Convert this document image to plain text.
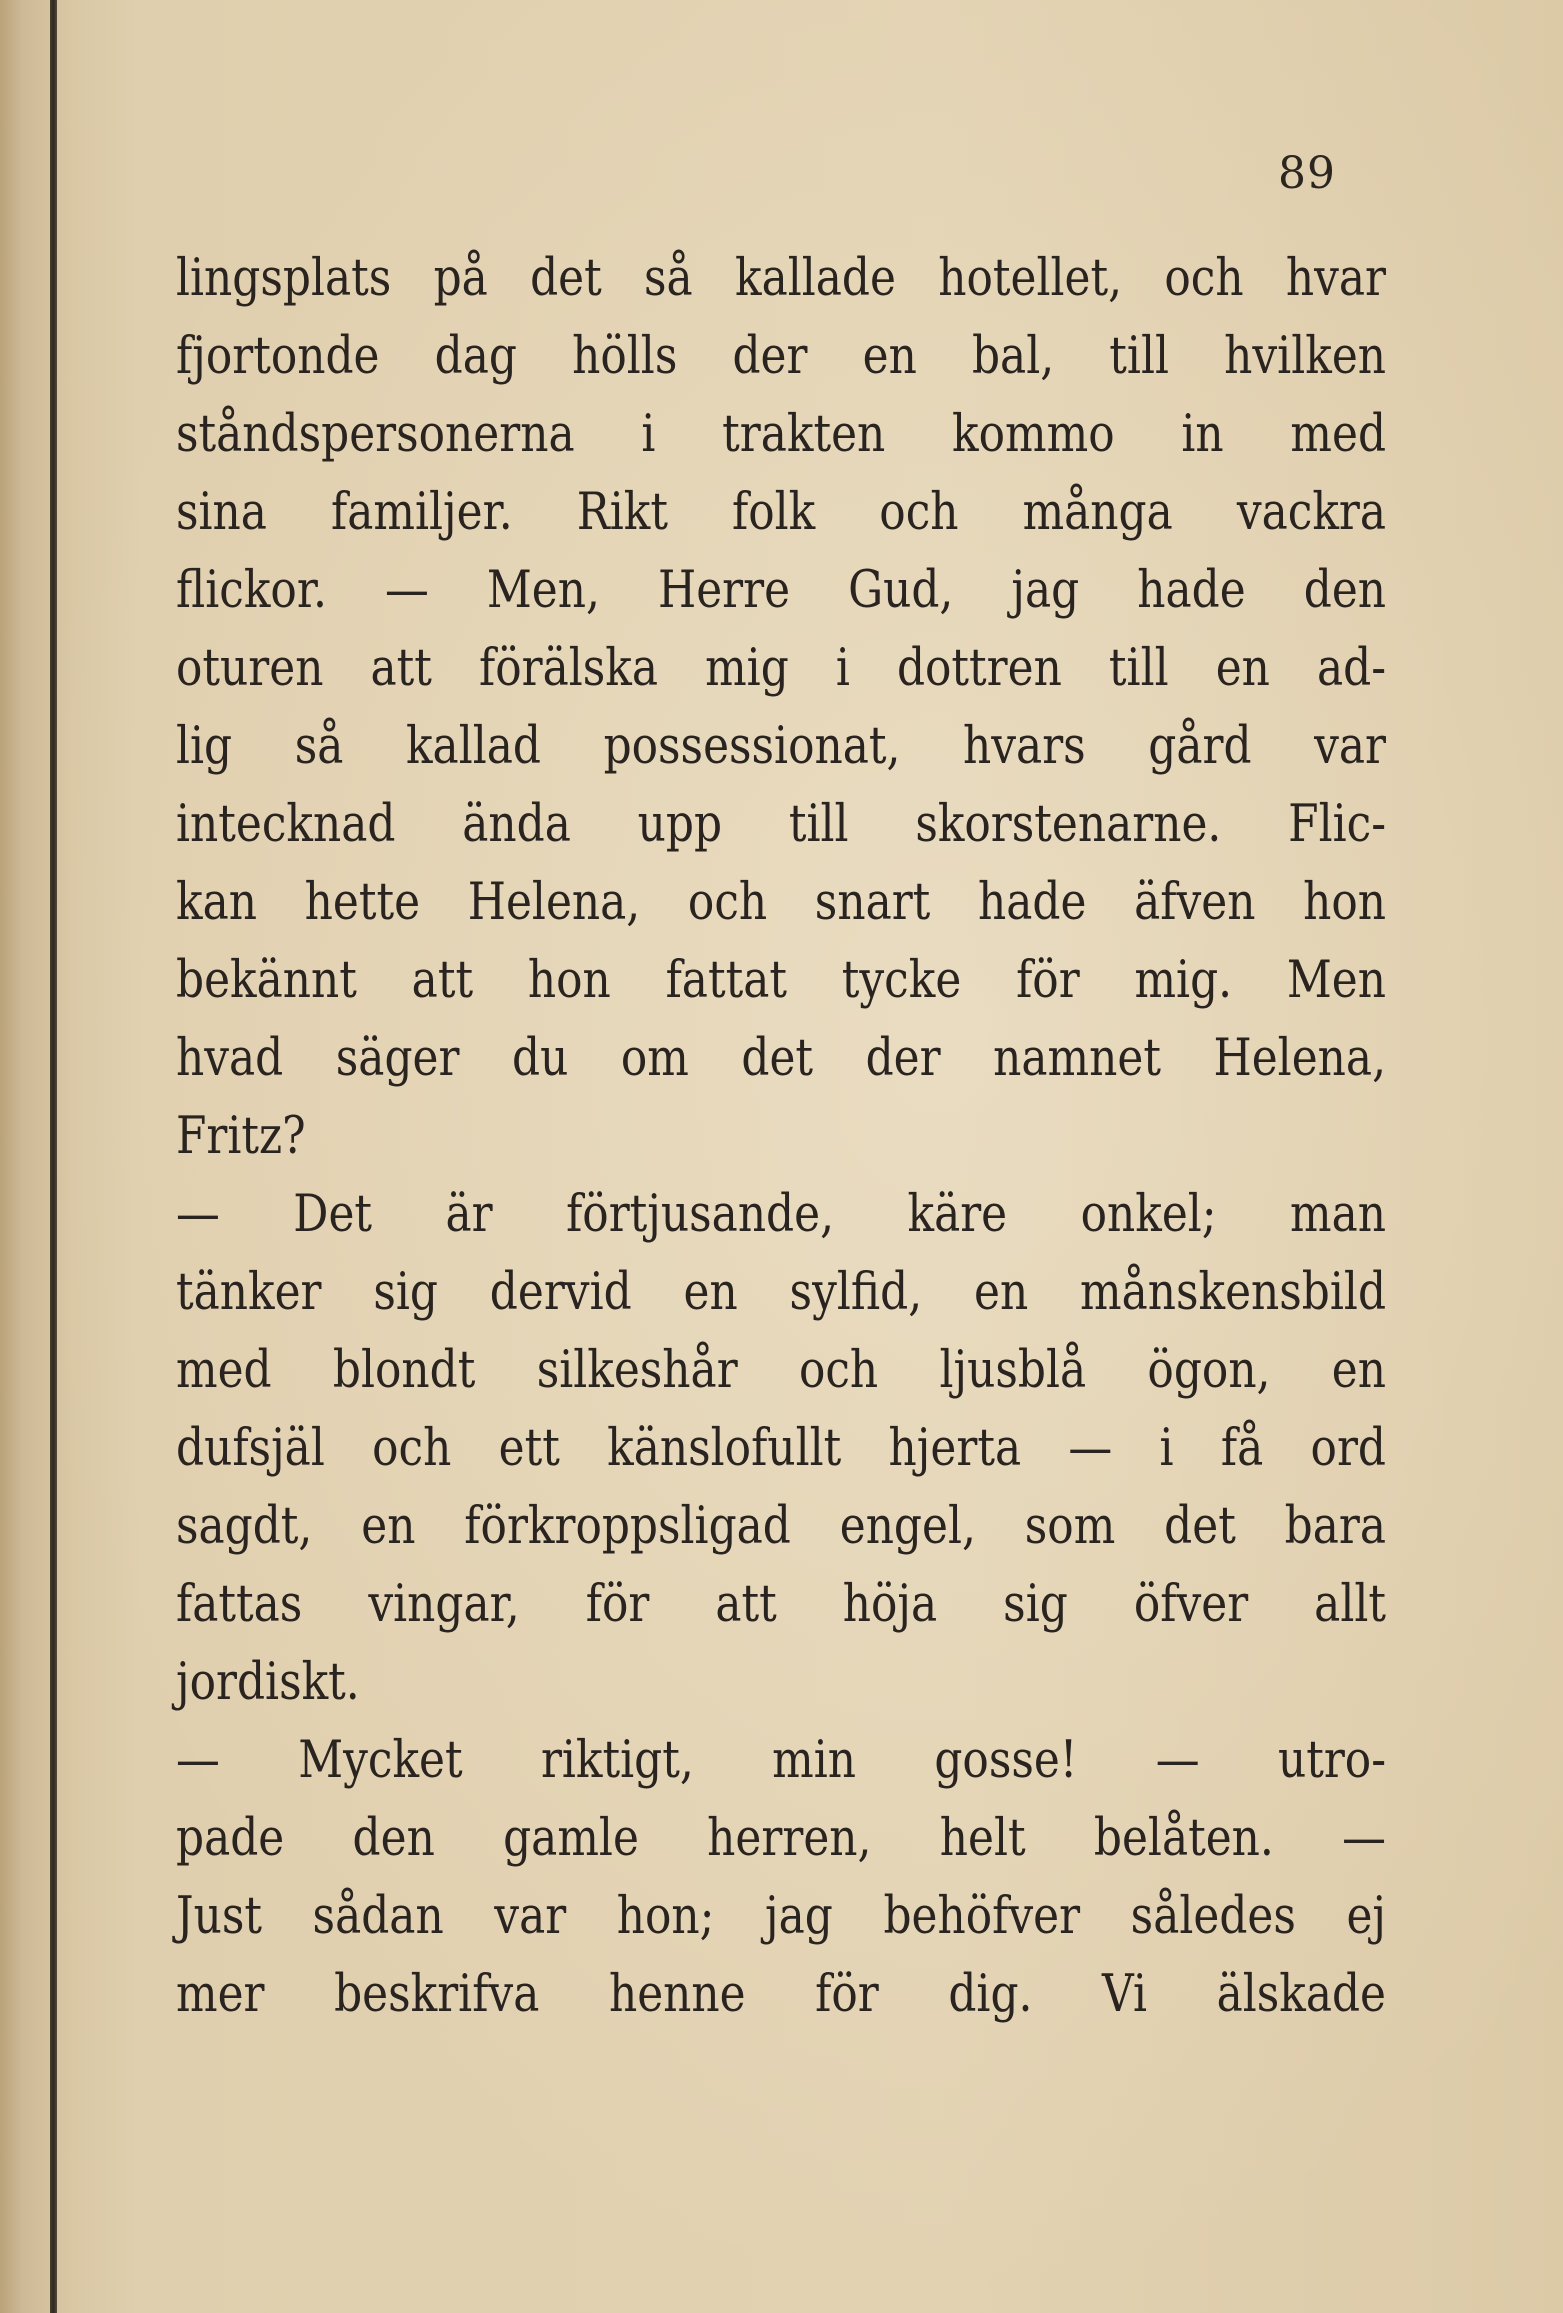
89
lingsplats på det så kallade hotellet, och hvar
fjortonde dag hölls der en bal, till hvilken
ståndspersonerna i trakten kommo in med
sina familjer. Rikt folk och många vackra
flickor. — Men, Herre Gud, jag hade den
oturen att förälska mig i dottren till en ad-
lig så kallad possessionat, hvars gård var
intecknad ända upp till skorstenarne. Flic-
kan hette Helena, och snart hade äfven hon
bekännt att hon fattat tycke för mig. Men
hvad säger du om det der namnet Helena,
Fritz?
— Det är förtjusande, käre onkel; man
tänker sig dervid en sylfid, en månskensbild
med blondt silkeshår och ljusblå ögon, en
dufsjäl och ett känslofullt hjerta — i få ord
sagdt, en förkroppsligad engel, som det bara
fattas vingar, för att höja sig öfver allt
jordiskt.
— Mycket riktigt, min gosse! — utro-
pade den gamle herren, helt belåten. —
Just sådan var hon; jag behöfver således ej
mer beskrifva henne för dig. Vi älskade
